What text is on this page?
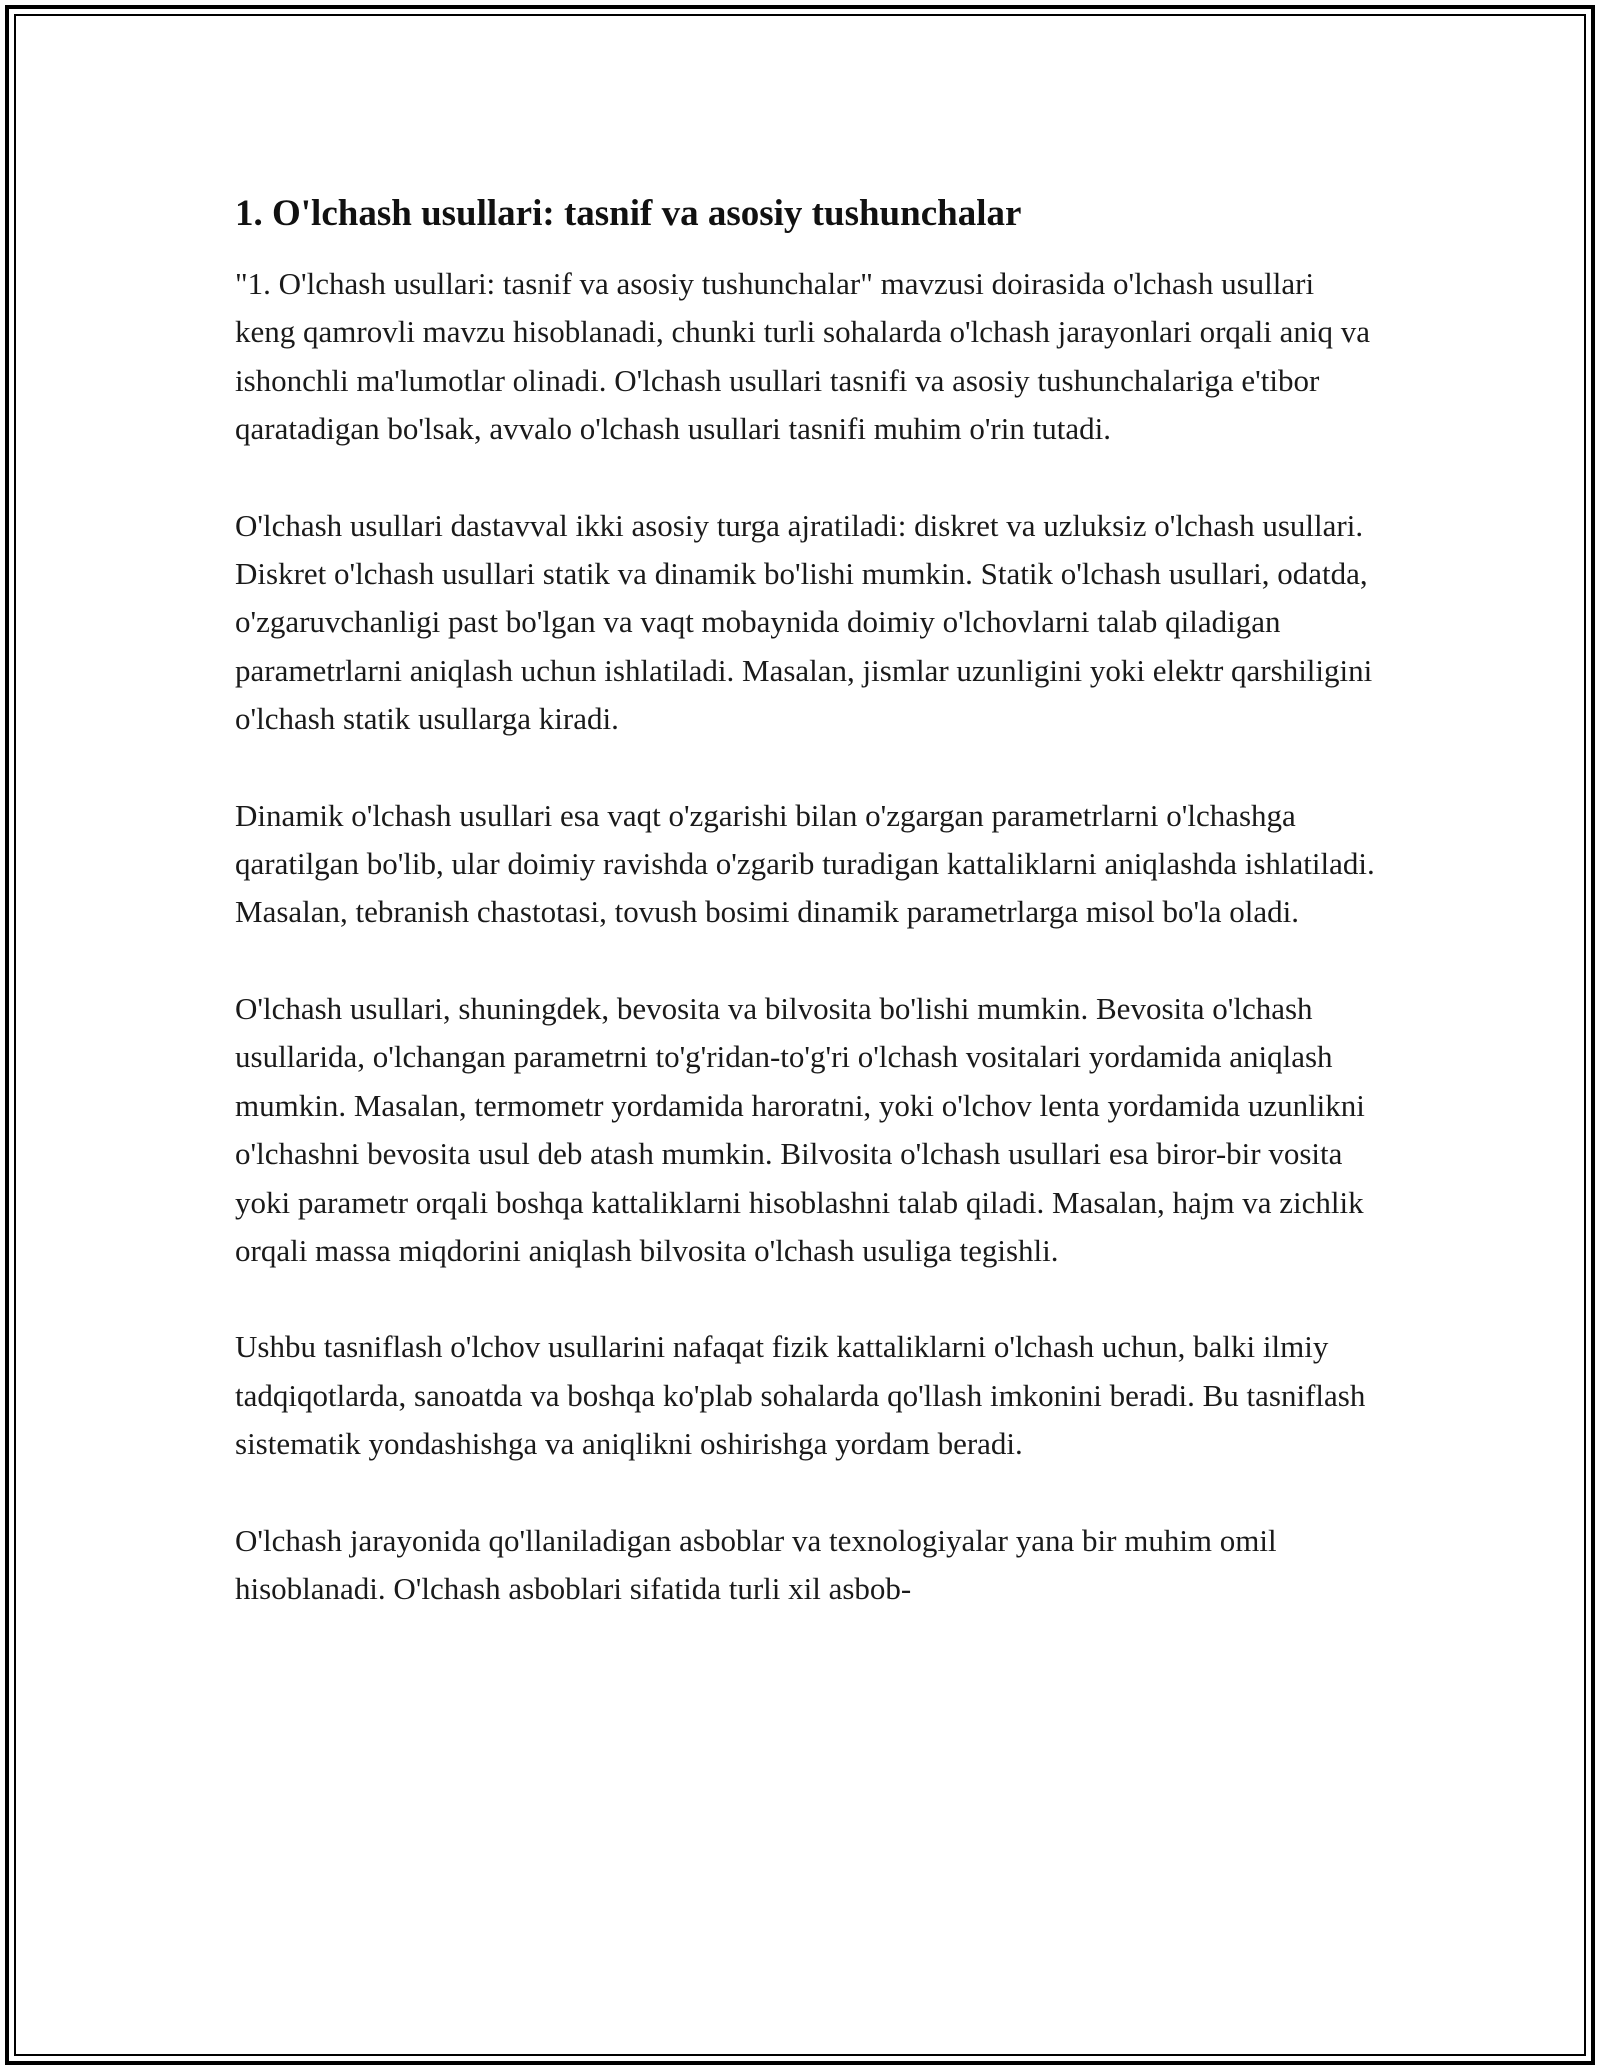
1. O'lchash usullari: tasnif va asosiy tushunchalar

"1. O'lchash usullari: tasnif va asosiy tushunchalar" mavzusi doirasida o'lchash usullari keng qamrovli mavzu hisoblanadi, chunki turli sohalarda o'lchash jarayonlari orqali aniq va ishonchli ma'lumotlar olinadi. O'lchash usullari tasnifi va asosiy tushunchalariga e'tibor qaratadigan bo'lsak, avvalo o'lchash usullari tasnifi muhim o'rin tutadi.

O'lchash usullari dastavval ikki asosiy turga ajratiladi: diskret va uzluksiz o'lchash usullari. Diskret o'lchash usullari statik va dinamik bo'lishi mumkin. Statik o'lchash usullari, odatda, o'zgaruvchanligi past bo'lgan va vaqt mobaynida doimiy o'lchovlarni talab qiladigan parametrlarni aniqlash uchun ishlatiladi. Masalan, jismlar uzunligini yoki elektr qarshiligini o'lchash statik usullarga kiradi.

Dinamik o'lchash usullari esa vaqt o'zgarishi bilan o'zgargan parametrlarni o'lchashga qaratilgan bo'lib, ular doimiy ravishda o'zgarib turadigan kattaliklarni aniqlashda ishlatiladi. Masalan, tebranish chastotasi, tovush bosimi dinamik parametrlarga misol bo'la oladi.

O'lchash usullari, shuningdek, bevosita va bilvosita bo'lishi mumkin. Bevosita o'lchash usullarida, o'lchangan parametrni to'g'ridan-to'g'ri o'lchash vositalari yordamida aniqlash mumkin. Masalan, termometr yordamida haroratni, yoki o'lchov lenta yordamida uzunlikni o'lchashni bevosita usul deb atash mumkin. Bilvosita o'lchash usullari esa biror-bir vosita yoki parametr orqali boshqa kattaliklarni hisoblashni talab qiladi. Masalan, hajm va zichlik orqali massa miqdorini aniqlash bilvosita o'lchash usuliga tegishli.

Ushbu tasniflash o'lchov usullarini nafaqat fizik kattaliklarni o'lchash uchun, balki ilmiy tadqiqotlarda, sanoatda va boshqa ko'plab sohalarda qo'llash imkonini beradi. Bu tasniflash sistematik yondashishga va aniqlikni oshirishga yordam beradi.

O'lchash jarayonida qo'llaniladigan asboblar va texnologiyalar yana bir muhim omil hisoblanadi. O'lchash asboblari sifatida turli xil asbob-
